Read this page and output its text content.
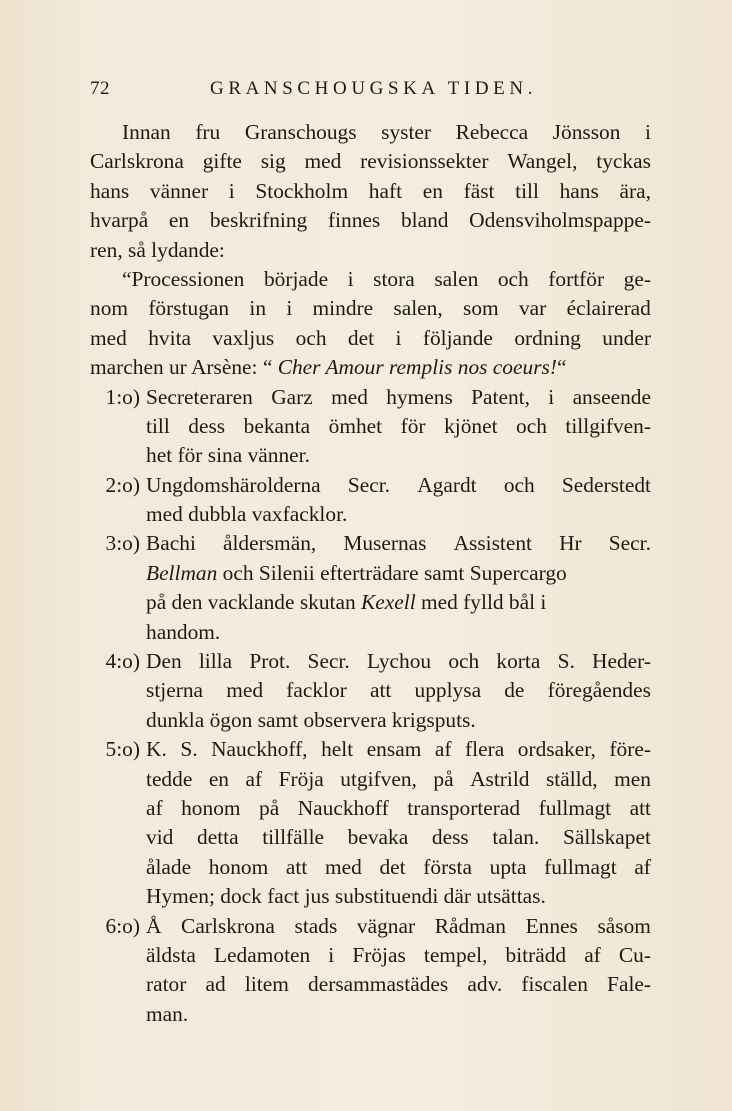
72	GRANSCHOUGSKA TIDEN.
Innan fru Granschougs syster Rebecca Jönsson i
Carlskrona gifte sig med revisionssekter Wangel, tyckas
hans vänner i Stockholm haft en fäst till hans ära,
hvarpå en beskrifning finnes bland Odensviholmspappe-
ren, så lydande:
“Processionen började i stora salen och fortför ge-
nom förstugan in i mindre salen, som var éclairerad
med hvita vaxljus och det i följande ordning under
marchen ur Arsène: “
Cher Amour remplis nos coeurs! “
1:o) Secreteraren Garz med hymens Patent, i anseende
till dess bekanta ömhet för kjönet och tillgifven-
het för sina vänner.
2:o) Ungdomshärolderna Secr. Agardt och Sederstedt
med dubbla vaxfacklor.
3:o) Bachi åldersmän, Musernas Assistent Hr Secr.
Bellman och Silenii efterträdare samt Supercargo
på den vacklande skutan Kexell med fylld bål i
handom.
4:o) Den lilla Prot. Secr. Lychou och korta S. Heder-
stjerna med facklor att upplysa de föregåendes
dunkla ögon samt observera krigsputs.
5:o) K. S. Nauckhoff, helt ensam af flera ordsaker, före-
tedde en af Fröja utgifven, på Astrild ställd, men
af honom på Nauckhoff transporterad fullmagt att
vid detta tillfälle bevaka dess talan. Sällskapet
ålade honom att med det första upta fullmagt af
Hymen; dock fact jus substituendi där utsättas.
6:o) Å Carlskrona stads vägnar Rådman Ennes såsom
äldsta Ledamoten i Fröjas tempel, biträdd af Cu-
rator ad litem dersammastädes adv. fiscalen Fale-
man.
